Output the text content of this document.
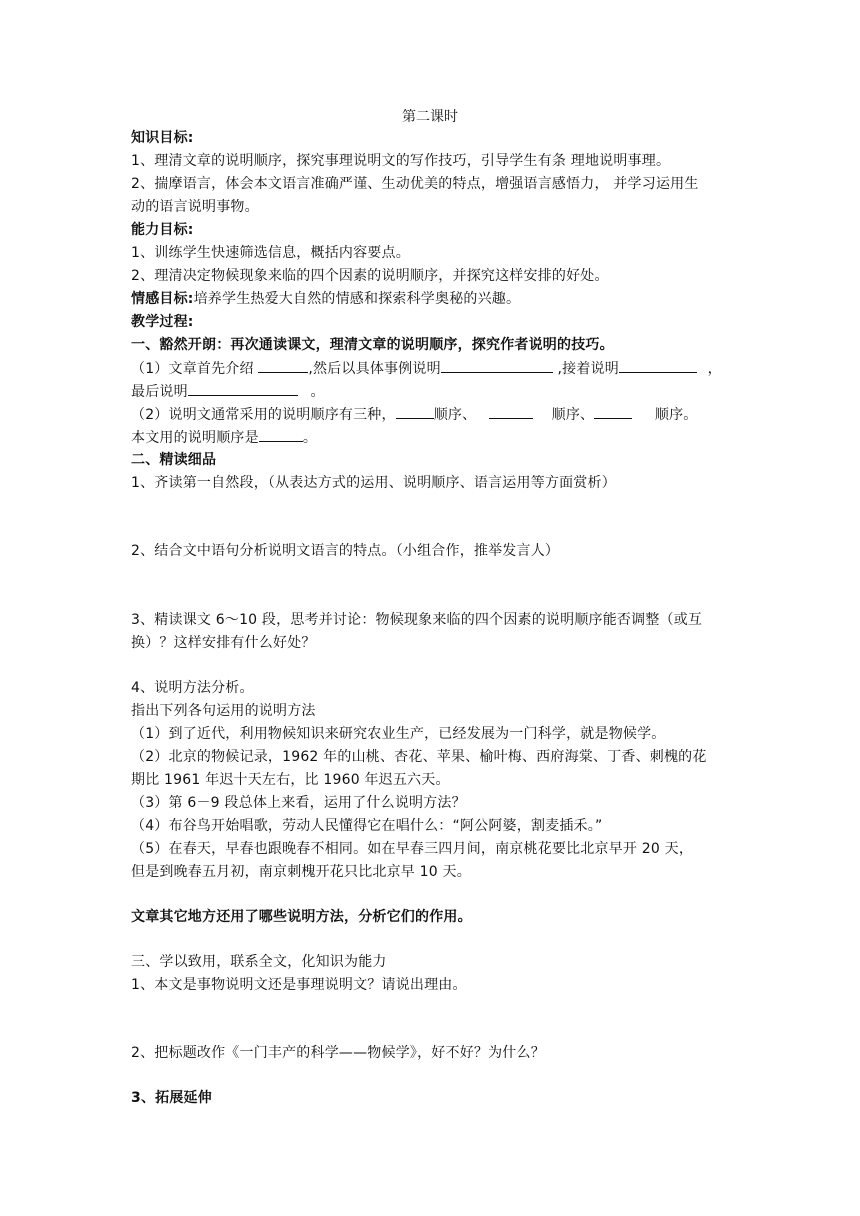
第二课时
知识目标:
1、理清文章的说明顺序，探究事理说明文的写作技巧，引导学生有条 理地说明事理。
2、揣摩语言，体会本文语言准确严谨、生动优美的特点，增强语言感悟力， 并学习运用生
动的语言说明事物。
能力目标:
1、训练学生快速筛选信息，概括内容要点。
2、理清决定物候现象来临的四个因素的说明顺序，并探究这样安排的好处。
情感目标:培养学生热爱大自然的情感和探索科学奥秘的兴趣。
教学过程:
一、豁然开朗：再次通读课文，理清文章的说明顺序，探究作者说明的技巧。
（1）文章首先介绍	,然后以具体事例说明	,接着说明	，
最后说明	。
（2）说明文通常采用的说明顺序有三种，	顺序、	顺序、	顺序。
本文用的说明顺序是	。
二、精读细品
1、齐读第一自然段，（从表达方式的运用、说明顺序、语言运用等方面赏析）
2、结合文中语句分析说明文语言的特点。（小组合作，推举发言人）
3、精读课文 6～10 段，思考并讨论：物候现象来临的四个因素的说明顺序能否调整（或互
换）？这样安排有什么好处？
4、说明方法分析。
指出下列各句运用的说明方法
（1）到了近代，利用物候知识来研究农业生产，已经发展为一门科学，就是物候学。
（2）北京的物候记录，1962 年的山桃、杏花、苹果、榆叶梅、西府海棠、丁香、刺槐的花
期比 1961 年迟十天左右，比 1960 年迟五六天。
（3）第 6－9 段总体上来看，运用了什么说明方法？
（4）布谷鸟开始唱歌，劳动人民懂得它在唱什么：“阿公阿婆，割麦插禾。”
（5）在春天，早春也跟晚春不相同。如在早春三四月间，南京桃花要比北京早开 20 天，
但是到晚春五月初，南京刺槐开花只比北京早 10 天。
文章其它地方还用了哪些说明方法，分析它们的作用。
三、学以致用，联系全文，化知识为能力
1、本文是事物说明文还是事理说明文？请说出理由。
2、把标题改作《一门丰产的科学——物候学》，好不好？为什么？
3、拓展延伸
